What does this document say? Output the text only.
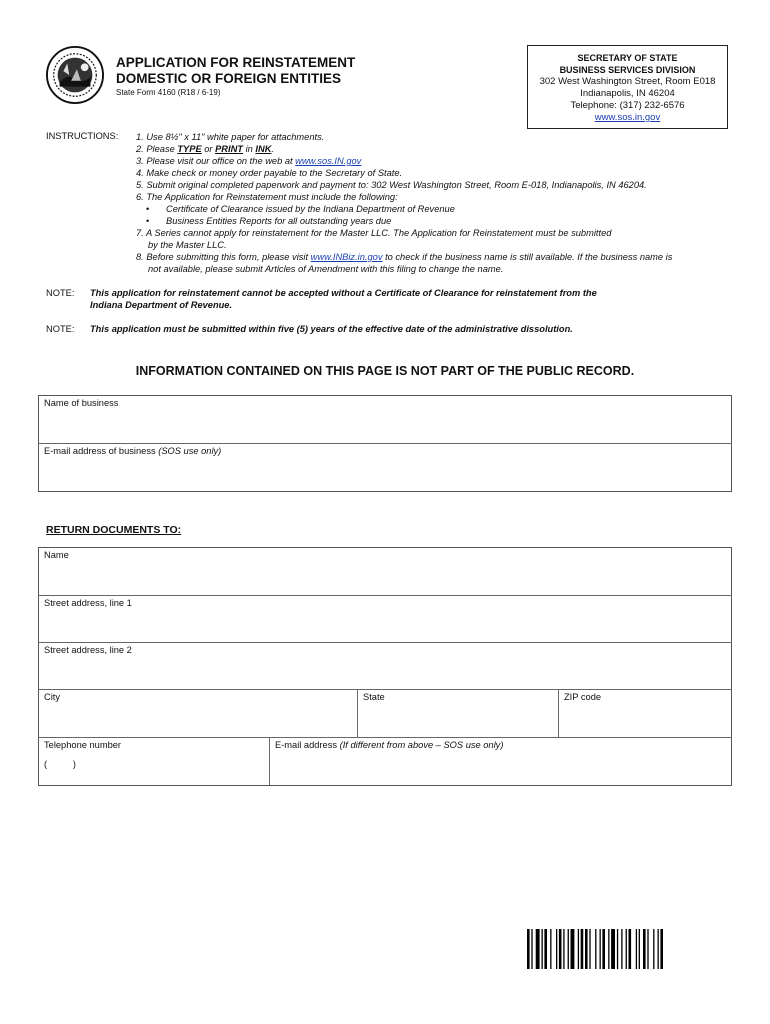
APPLICATION FOR REINSTATEMENT
DOMESTIC OR FOREIGN ENTITIES
State Form 4160 (R18 / 6-19)
SECRETARY OF STATE
BUSINESS SERVICES DIVISION
302 West Washington Street, Room E018
Indianapolis, IN 46204
Telephone: (317) 232-6576
www.sos.in.gov
INSTRUCTIONS: 1. Use 8½" x 11" white paper for attachments.
2. Please TYPE or PRINT in INK.
3. Please visit our office on the web at www.sos.IN.gov
4. Make check or money order payable to the Secretary of State.
5. Submit original completed paperwork and payment to: 302 West Washington Street, Room E-018, Indianapolis, IN 46204.
6. The Application for Reinstatement must include the following:
• Certificate of Clearance issued by the Indiana Department of Revenue
• Business Entities Reports for all outstanding years due
7. A Series cannot apply for reinstatement for the Master LLC. The Application for Reinstatement must be submitted
by the Master LLC.
8. Before submitting this form, please visit www.INBiz.in.gov to check if the business name is still available. If the business name is
not available, please submit Articles of Amendment with this filing to change the name.
NOTE: This application for reinstatement cannot be accepted without a Certificate of Clearance for reinstatement from the
Indiana Department of Revenue.
NOTE: This application must be submitted within five (5) years of the effective date of the administrative dissolution.
INFORMATION CONTAINED ON THIS PAGE IS NOT PART OF THE PUBLIC RECORD.
Name of business
E-mail address of business (SOS use only)
RETURN DOCUMENTS TO:
Name
Street address, line 1
Street address, line 2
City	State	ZIP code
Telephone number
(          )
E-mail address (If different from above – SOS use only)
